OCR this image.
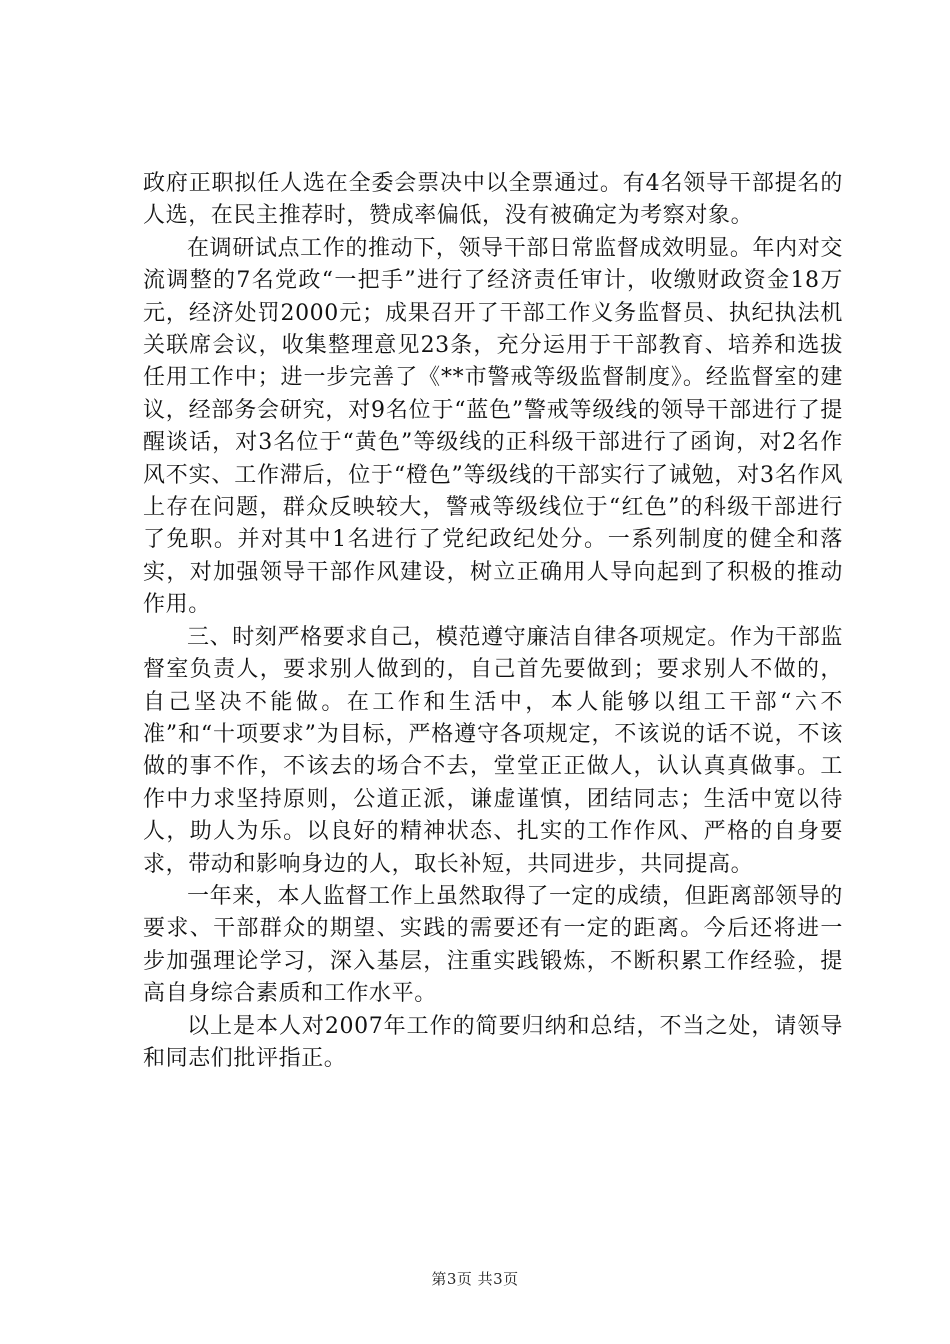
政府正职拟任人选在全委会票决中以全票通过。有4名领导干部提名的人选，在民主推荐时，赞成率偏低，没有被确定为考察对象。

在调研试点工作的推动下，领导干部日常监督成效明显。年内对交流调整的7名党政“一把手”进行了经济责任审计，收缴财政资金18万元，经济处罚2000元；成果召开了干部工作义务监督员、执纪执法机关联席会议，收集整理意见23条，充分运用于干部教育、培养和选拔任用工作中；进一步完善了《**市警戒等级监督制度》。经监督室的建议，经部务会研究，对9名位于“蓝色”警戒等级线的领导干部进行了提醒谈话，对3名位于“黄色”等级线的正科级干部进行了函询，对2名作风不实、工作滞后，位于“橙色”等级线的干部实行了诫勉，对3名作风上存在问题，群众反映较大，警戒等级线位于“红色”的科级干部进行了免职。并对其中1名进行了党纪政纪处分。一系列制度的健全和落实，对加强领导干部作风建设，树立正确用人导向起到了积极的推动作用。

三、时刻严格要求自己，模范遵守廉洁自律各项规定。作为干部监督室负责人，要求别人做到的，自己首先要做到；要求别人不做的，自己坚决不能做。在工作和生活中，本人能够以组工干部“六不准”和“十项要求”为目标，严格遵守各项规定，不该说的话不说，不该做的事不作，不该去的场合不去，堂堂正正做人，认认真真做事。工作中力求坚持原则，公道正派，谦虚谨慎，团结同志；生活中宽以待人，助人为乐。以良好的精神状态、扎实的工作作风、严格的自身要求，带动和影响身边的人，取长补短，共同进步，共同提高。

一年来，本人监督工作上虽然取得了一定的成绩，但距离部领导的要求、干部群众的期望、实践的需要还有一定的距离。今后还将进一步加强理论学习，深入基层，注重实践锻炼，不断积累工作经验，提高自身综合素质和工作水平。

以上是本人对2007年工作的简要归纳和总结，不当之处，请领导和同志们批评指正。

第3页 共3页
